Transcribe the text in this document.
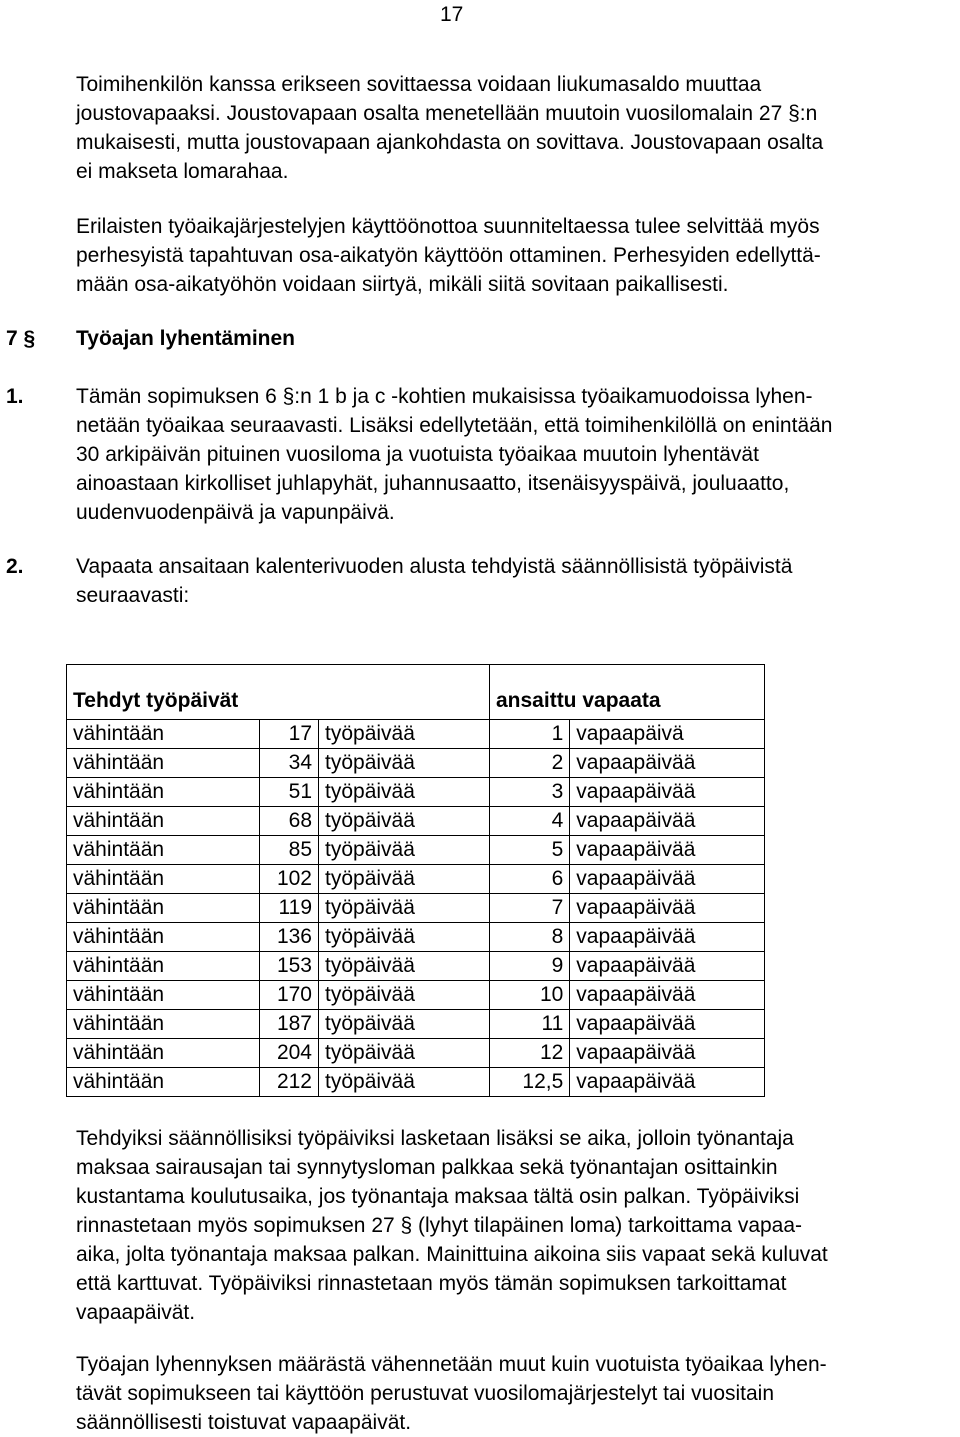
17

Toimihenkilön kanssa erikseen sovittaessa voidaan liukumasaldo muuttaa
joustovapaaksi. Joustovapaan osalta menetellään muutoin vuosilomalain 27 §:n
mukaisesti, mutta joustovapaan ajankohdasta on sovittava. Joustovapaan osalta
ei makseta lomarahaa.

Erilaisten työaikajärjestelyjen käyttöönottoa suunniteltaessa tulee selvittää myös
perhesyistä tapahtuvan osa-aikatyön käyttöön ottaminen. Perhesyiden edellyttä-
mään osa-aikatyöhön voidaan siirtyä, mikäli siitä sovitaan paikallisesti.

7 § Työajan lyhentäminen
1. Tämän sopimuksen 6 §:n 1 b ja c -kohtien mukaisissa työaikamuodoissa lyhen-
netään työaikaa seuraavasti. Lisäksi edellytetään, että toimihenkilöllä on enintään
30 arkipäivän pituinen vuosiloma ja vuotuista työaikaa muutoin lyhentävät
ainoastaan kirkolliset juhlapyhät, juhannusaatto, itsenäisyyspäivä, jouluaatto,
uudenvuodenpäivä ja vapunpäivä.

2. Vapaata ansaitaan kalenterivuoden alusta tehdyistä säännöllisistä työpäivistä
seuraavasti:

Tehdyt työpäivät			ansaittu vapaata	
vähintään	17	työpäivää	1	vapaapäivä
vähintään	34	työpäivää	2	vapaapäivää
vähintään	51	työpäivää	3	vapaapäivää
vähintään	68	työpäivää	4	vapaapäivää
vähintään	85	työpäivää	5	vapaapäivää
vähintään	102	työpäivää	6	vapaapäivää
vähintään	119	työpäivää	7	vapaapäivää
vähintään	136	työpäivää	8	vapaapäivää
vähintään	153	työpäivää	9	vapaapäivää
vähintään	170	työpäivää	10	vapaapäivää
vähintään	187	työpäivää	11	vapaapäivää
vähintään	204	työpäivää	12	vapaapäivää
vähintään	212	työpäivää	12,5	vapaapäivää

Tehdyiksi säännöllisiksi työpäiviksi lasketaan lisäksi se aika, jolloin työnantaja
maksaa sairausajan tai synnytysloman palkkaa sekä työnantajan osittainkin
kustantama koulutusaika, jos työnantaja maksaa tältä osin palkan. Työpäiviksi
rinnastetaan myös sopimuksen 27 § (lyhyt tilapäinen loma) tarkoittama vapaa-
aika, jolta työnantaja maksaa palkan. Mainittuina aikoina siis vapaat sekä kuluvat
että karttuvat. Työpäiviksi rinnastetaan myös tämän sopimuksen tarkoittamat
vapaapäivät.

Työajan lyhennyksen määrästä vähennetään muut kuin vuotuista työaikaa lyhen-
tävät sopimukseen tai käyttöön perustuvat vuosilomajärjestelyt tai vuositain
säännöllisesti toistuvat vapaapäivät.
